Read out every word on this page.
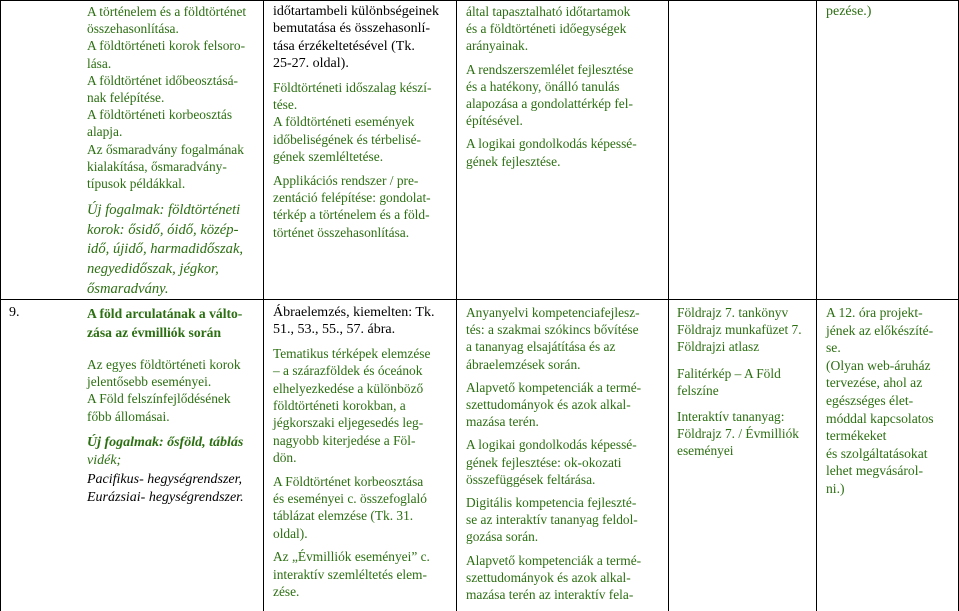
A történelem és a földtörténet

összehasonlítása.

A földtörténeti korok felsoro-

lása.

A földtörténet időbeosztásá-

nak felépítése.

A földtörténeti korbeosztás

alapja.

Az ősmaradvány fogalmának

kialakítása, ősmaradvány-

típusok példákkal.

Új fogalmak: földtörténeti

korok: ősidő, óidő, közép-

idő, újidő, harmadidőszak,

negyedidőszak, jégkor,

ősmaradvány.

időtartambeli különbségeinek

bemutatása és összehasonlí-

tása érzékeltetésével (Tk.

25-27. oldal).

Földtörténeti időszalag készí-

tése.

A földtörténeti események

időbeliségének és térbelisé-

gének szemléltetése.

Applikációs rendszer / pre-

zentáció felépítése: gondolat-

térkép a történelem és a föld-

történet összehasonlítása.

által tapasztalható időtartamok

és a földtörténeti időegységek

arányainak.

A rendszerszemlélet fejlesztése

és a hatékony, önálló tanulás

alapozása a gondolattérkép fel-

építésével.

A logikai gondolkodás képessé-

gének fejlesztése.

pezése.)

9.	A föld arculatának a válto-

zása az évmilliók során

Az egyes földtörténeti korok

jelentősebb eseményei.

A Föld felszínfejlődésének

főbb állomásai.

Új fogalmak: ősföld, táblás

vidék;

Pacifikus- hegységrendszer,

Eurázsiai- hegységrendszer.

Ábraelemzés, kiemelten: Tk.

51., 53., 55., 57. ábra.

Tematikus térképek elemzése

– a szárazföldek és óceánok

elhelyezkedése a különböző

földtörténeti korokban, a

jégkorszaki eljegesedés leg-

nagyobb kiterjedése a Föl-

dön.

A Földtörténet korbeosztása

és eseményei c. összefoglaló

táblázat elemzése (Tk. 31.

oldal).

Az „Évmilliók eseményei” c.

interaktív szemléltetés elem-

zése.

Anyanyelvi kompetenciafejlesz-

tés: a szakmai szókincs bővítése

a tananyag elsajátítása és az

ábraelemzések során.

Alapvető kompetenciák a termé-

szettudományok és azok alkal-

mazása terén.

A logikai gondolkodás képessé-

gének fejlesztése: ok-okozati

összefüggések feltárása.

Digitális kompetencia fejleszté-

se az interaktív tananyag feldol-

gozása során.

Alapvető kompetenciák a termé-

szettudományok és azok alkal-

mazása terén az interaktív fela-

Földrajz 7. tankönyv

Földrajz munkafüzet 7.

Földrajzi atlasz

Falitérkép – A Föld

felszíne

Interaktív tananyag:

Földrajz 7. / Évmilliók

eseményei

A 12. óra projekt-

jének az előkészíté-

se.

(Olyan web-áruház

tervezése, ahol az

egészséges élet-

móddal kapcsolatos

termékeket

és szolgáltatásokat

lehet megvásárol-

ni.)
